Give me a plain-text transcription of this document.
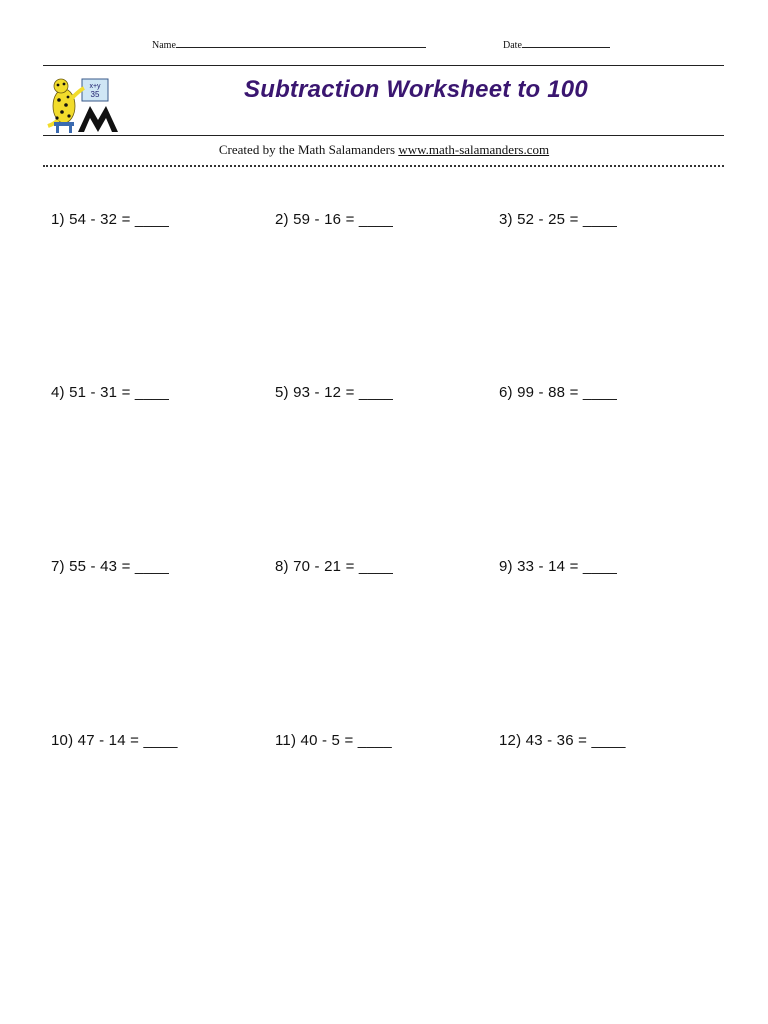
Name	Date
x+y
35	Subtraction Worksheet to 100
Created by the Math Salamanders www.math-salamanders.com
1) 54 - 32 = ____	2) 59 - 16 = ____	3) 52 - 25 = ____
4) 51 - 31 = ____	5) 93 - 12 = ____	6) 99 - 88 = ____
7) 55 - 43 = ____	8) 70 - 21 = ____	9) 33 - 14 = ____
10) 47 - 14 = ____	11) 40 - 5 = ____	12) 43 - 36 = ____
